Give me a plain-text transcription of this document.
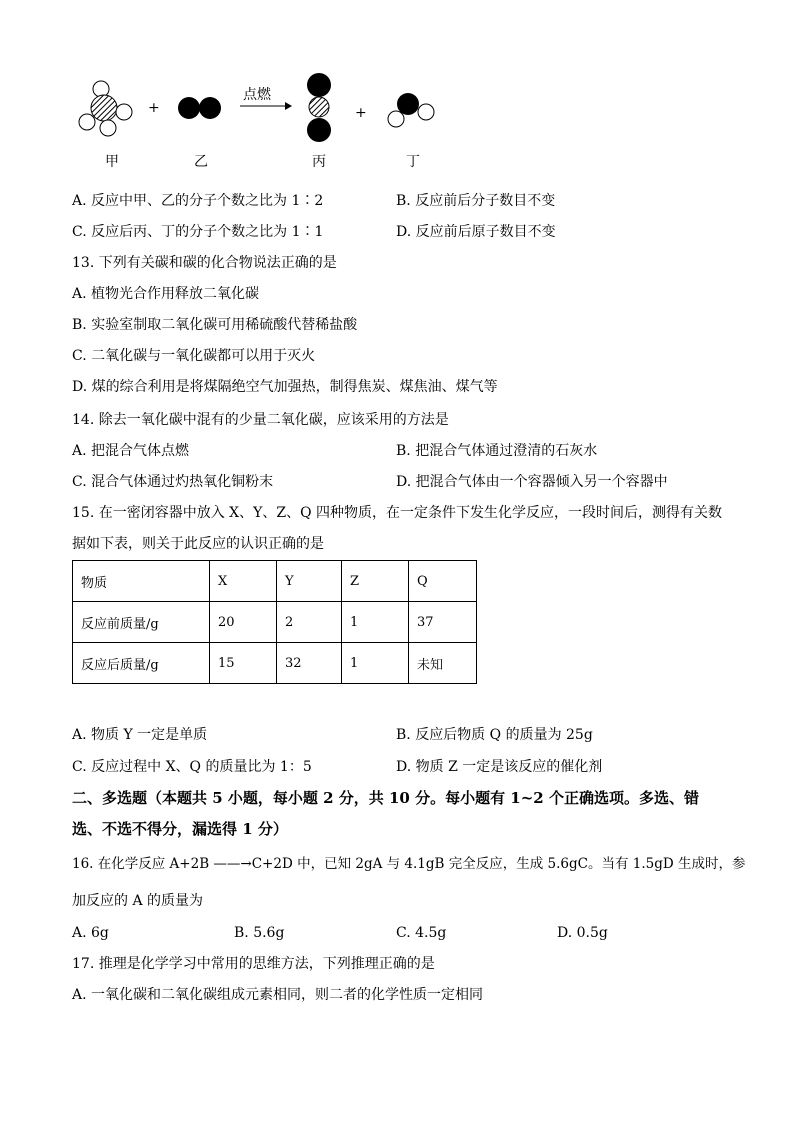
+	+
点燃
甲	乙	丙	丁
A. 反应中甲、乙的分子个数之比为 1∶2	B. 反应前后分子数目不变
C. 反应后丙、丁的分子个数之比为 1∶1	D. 反应前后原子数目不变
13. 下列有关碳和碳的化合物说法正确的是
A. 植物光合作用释放二氧化碳
B. 实验室制取二氧化碳可用稀硫酸代替稀盐酸
C. 二氧化碳与一氧化碳都可以用于灭火
D. 煤的综合利用是将煤隔绝空气加强热，制得焦炭、煤焦油、煤气等
14. 除去一氧化碳中混有的少量二氧化碳，应该采用的方法是
A. 把混合气体点燃	B. 把混合气体通过澄清的石灰水
C. 混合气体通过灼热氧化铜粉末	D. 把混合气体由一个容器倾入另一个容器中
15. 在一密闭容器中放入 X、Y、Z、Q 四种物质，在一定条件下发生化学反应，一段时间后，测得有关数
据如下表，则关于此反应的认识正确的是
物质	X	Y	Z	Q
反应前质量/g	20	2	1	37
反应后质量/g	15	32	1	未知
A. 物质 Y 一定是单质	B. 反应后物质 Q 的质量为 25g
C. 反应过程中 X、Q 的质量比为 1：5	D. 物质 Z 一定是该反应的催化剂
二、多选题（本题共 5 小题，每小题 2 分，共 10 分。每小题有 1~2 个正确选项。多选、错
选、不选不得分，漏选得 1 分）
16. 在化学反应 A+2B ——→C+2D 中，已知 2gA 与 4.1gB 完全反应，生成 5.6gC。当有 1.5gD 生成时，参
加反应的 A 的质量为
A. 6g	B. 5.6g	C. 4.5g	D. 0.5g
17. 推理是化学学习中常用的思维方法，下列推理正确的是
A. 一氧化碳和二氧化碳组成元素相同，则二者的化学性质一定相同
